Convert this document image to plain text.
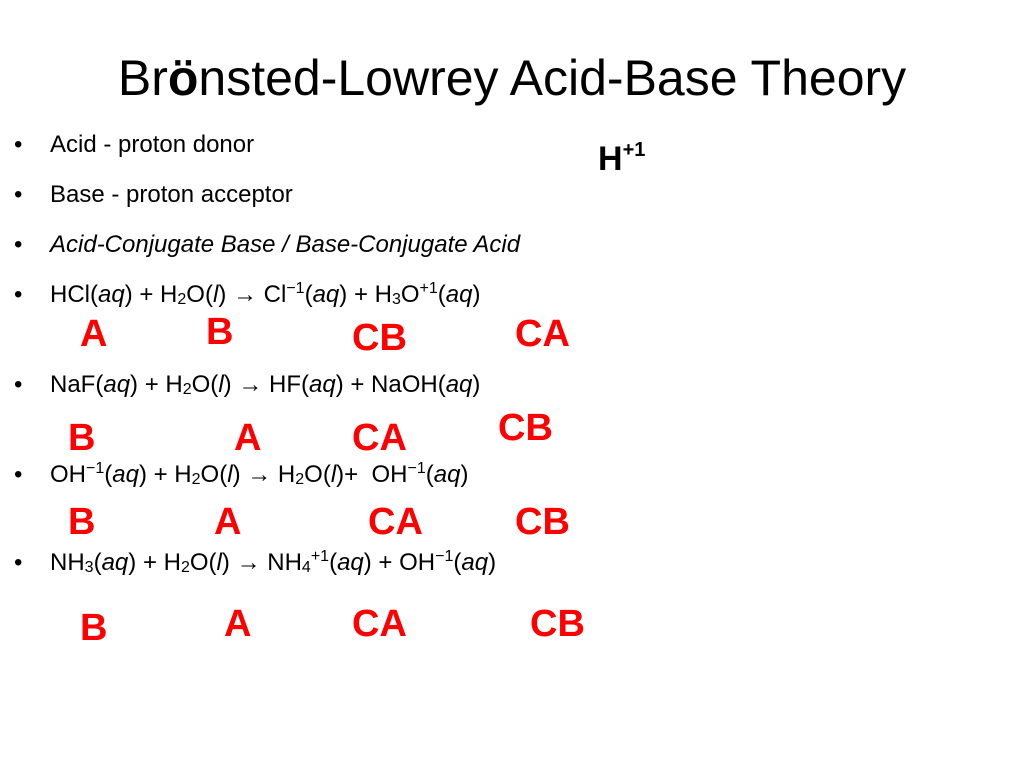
Brönsted-Lowrey Acid-Base Theory
$H^{+1}$
• Acid - proton donor
• Base - proton acceptor
• Acid-Conjugate Base / Base-Conjugate Acid
• $HCl(aq) + H_2O(l) \to Cl^{-1}(aq) + H_3O^{+1}(aq)$
A	B	CB	CA
• $NaF(aq) + H_2O(l) \to HF(aq)$ + NaOH(aq)
B	A CA CB
• $OH^{-1}(aq) + H_2O(l) \to H_2O(l)+ OH^{-1}(aq)$
B	A	CA CB
• $NH_3(aq) + H_2O(l) \to NH_4^{+1}(aq) + OH^{-1}(aq)$
B	A	CA	CB
